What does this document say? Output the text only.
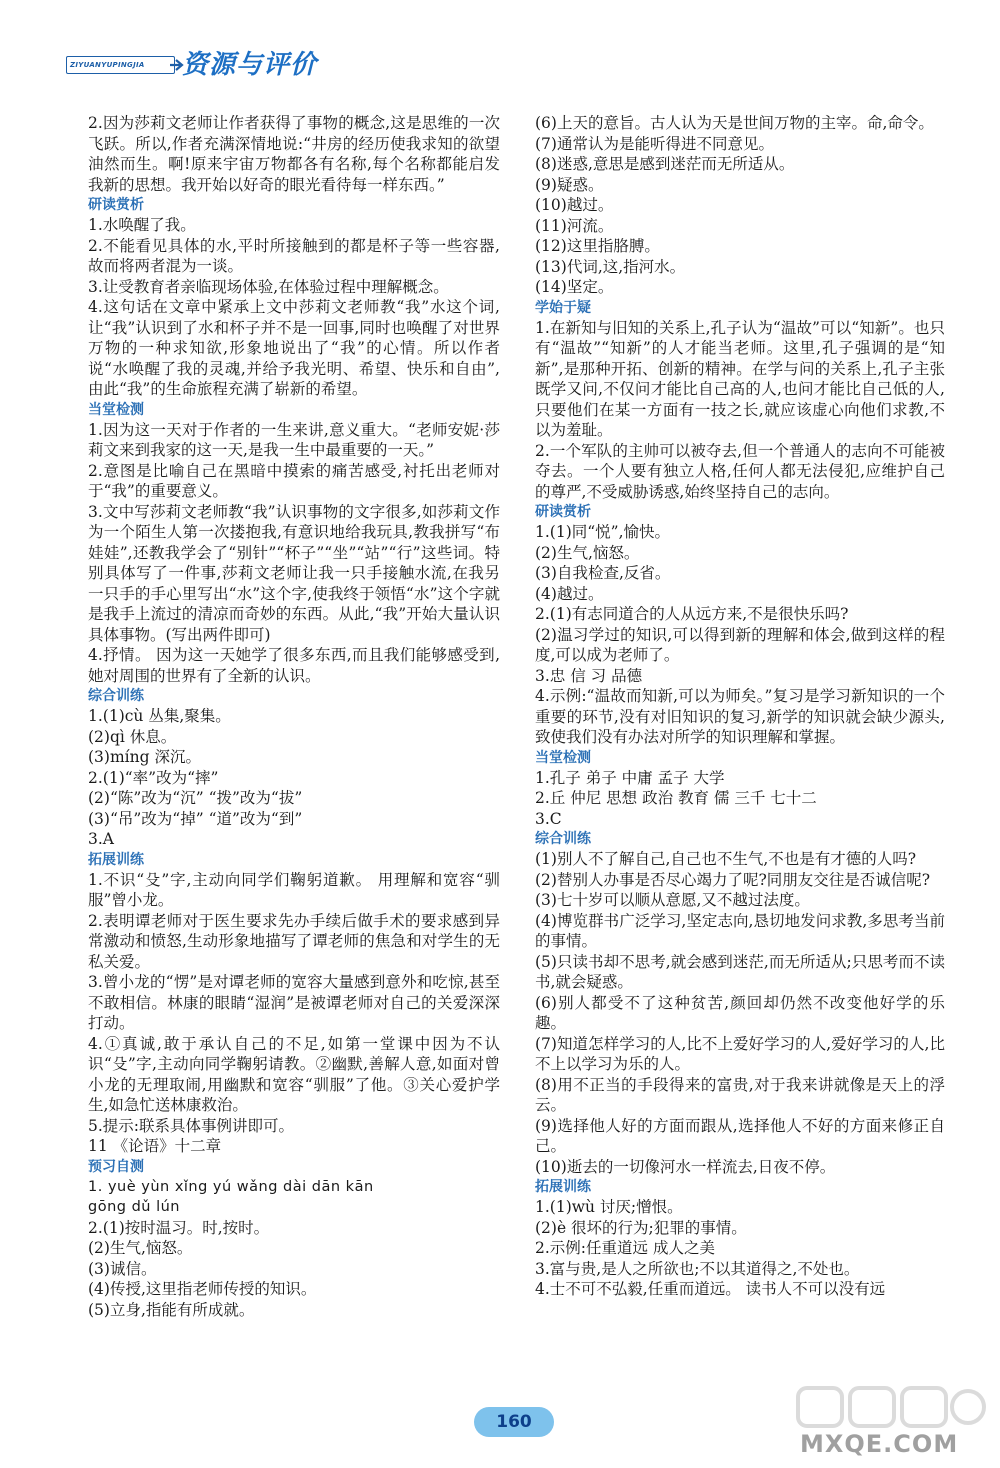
ZIYUANYUPINGJIA	资源与评价

2.因为莎莉文老师让作者获得了事物的概念,这是思维的一次飞跃。所以,作者充满深情地说:“井房的经历使我求知的欲望油然而生。啊!原来宇宙万物都各有名称,每个名称都能启发我新的思想。我开始以好奇的眼光看待每一样东西。”

研读赏析

1.水唤醒了我。

2.不能看见具体的水,平时所接触到的都是杯子等一些容器,故而将两者混为一谈。

3.让受教育者亲临现场体验,在体验过程中理解概念。

4.这句话在文章中紧承上文中莎莉文老师教“我”水这个词,让“我”认识到了水和杯子并不是一回事,同时也唤醒了对世界万物的一种求知欲,形象地说出了“我”的心情。所以作者说“水唤醒了我的灵魂,并给予我光明、希望、快乐和自由”,由此“我”的生命旅程充满了崭新的希望。

当堂检测

1.因为这一天对于作者的一生来讲,意义重大。“老师安妮·莎莉文来到我家的这一天,是我一生中最重要的一天。”

2.意图是比喻自己在黑暗中摸索的痛苦感受,衬托出老师对于“我”的重要意义。

3.文中写莎莉文老师教“我”认识事物的文字很多,如莎莉文作为一个陌生人第一次搂抱我,有意识地给我玩具,教我拼写“布娃娃”,还教我学会了“别针”“杯子”“坐”“站”“行”这些词。特别具体写了一件事,莎莉文老师让我一只手接触水流,在我另一只手的手心里写出“水”这个字,使我终于领悟“水”这个字就是我手上流过的清凉而奇妙的东西。从此,“我”开始大量认识具体事物。(写出两件即可)

4.抒情。 因为这一天她学了很多东西,而且我们能够感受到,她对周围的世界有了全新的认识。

综合训练

1.(1)cù 丛集,聚集。

(2)qì 休息。

(3)míng 深沉。

2.(1)“率”改为“摔”

(2)“陈”改为“沉” “拨”改为“拔”

(3)“吊”改为“掉” “道”改为“到”

3.A

拓展训练

1.不识“殳”字,主动向同学们鞠躬道歉。 用理解和宽容“驯服”曾小龙。

2.表明谭老师对于医生要求先办手续后做手术的要求感到异常激动和愤怒,生动形象地描写了谭老师的焦急和对学生的无私关爱。

3.曾小龙的“愣”是对谭老师的宽容大量感到意外和吃惊,甚至不敢相信。林康的眼睛“湿润”是被谭老师对自己的关爱深深打动。

4.①真诚,敢于承认自己的不足,如第一堂课中因为不认识“殳”字,主动向同学鞠躬请教。②幽默,善解人意,如面对曾小龙的无理取闹,用幽默和宽容“驯服”了他。③关心爱护学生,如急忙送林康救治。

5.提示:联系具体事例讲即可。

11 《论语》十二章

预习自测

1. yuè yùn xǐng yú wǎng dài dān kān

gōng dǔ lún

2.(1)按时温习。时,按时。

(2)生气,恼怒。

(3)诚信。

(4)传授,这里指老师传授的知识。

(5)立身,指能有所成就。

(6)上天的意旨。古人认为天是世间万物的主宰。命,命令。

(7)通常认为是能听得进不同意见。

(8)迷惑,意思是感到迷茫而无所适从。

(9)疑惑。

(10)越过。

(11)河流。

(12)这里指胳膊。

(13)代词,这,指河水。

(14)坚定。

学始于疑

1.在新知与旧知的关系上,孔子认为“温故”可以“知新”。也只有“温故”“知新”的人才能当老师。这里,孔子强调的是“知新”,是那种开拓、创新的精神。在学与问的关系上,孔子主张既学又问,不仅问才能比自己高的人,也问才能比自己低的人,只要他们在某一方面有一技之长,就应该虚心向他们求教,不以为羞耻。

2.一个军队的主帅可以被夺去,但一个普通人的志向不可能被夺去。一个人要有独立人格,任何人都无法侵犯,应维护自己的尊严,不受威胁诱惑,始终坚持自己的志向。

研读赏析

1.(1)同“悦”,愉快。

(2)生气,恼怒。

(3)自我检查,反省。

(4)越过。

2.(1)有志同道合的人从远方来,不是很快乐吗?

(2)温习学过的知识,可以得到新的理解和体会,做到这样的程度,可以成为老师了。

3.忠 信 习 品德

4.示例:“温故而知新,可以为师矣。”复习是学习新知识的一个重要的环节,没有对旧知识的复习,新学的知识就会缺少源头,致使我们没有办法对所学的知识理解和掌握。

当堂检测

1.孔子 弟子 中庸 孟子 大学

2.丘 仲尼 思想 政治 教育 儒 三千 七十二

3.C

综合训练

(1)别人不了解自己,自己也不生气,不也是有才德的人吗?

(2)替别人办事是否尽心竭力了呢?同朋友交往是否诚信呢?

(3)七十岁可以顺从意愿,又不越过法度。

(4)博览群书广泛学习,坚定志向,恳切地发问求教,多思考当前的事情。

(5)只读书却不思考,就会感到迷茫,而无所适从;只思考而不读书,就会疑惑。

(6)别人都受不了这种贫苦,颜回却仍然不改变他好学的乐趣。

(7)知道怎样学习的人,比不上爱好学习的人,爱好学习的人,比不上以学习为乐的人。

(8)用不正当的手段得来的富贵,对于我来讲就像是天上的浮云。

(9)选择他人好的方面而跟从,选择他人不好的方面来修正自己。

(10)逝去的一切像河水一样流去,日夜不停。

拓展训练

1.(1)wù 讨厌;憎恨。

(2)è 很坏的行为;犯罪的事情。

2.示例:任重道远 成人之美

3.富与贵,是人之所欲也;不以其道得之,不处也。

4.士不可不弘毅,任重而道远。 读书人不可以没有远

160
MXQE.COM
